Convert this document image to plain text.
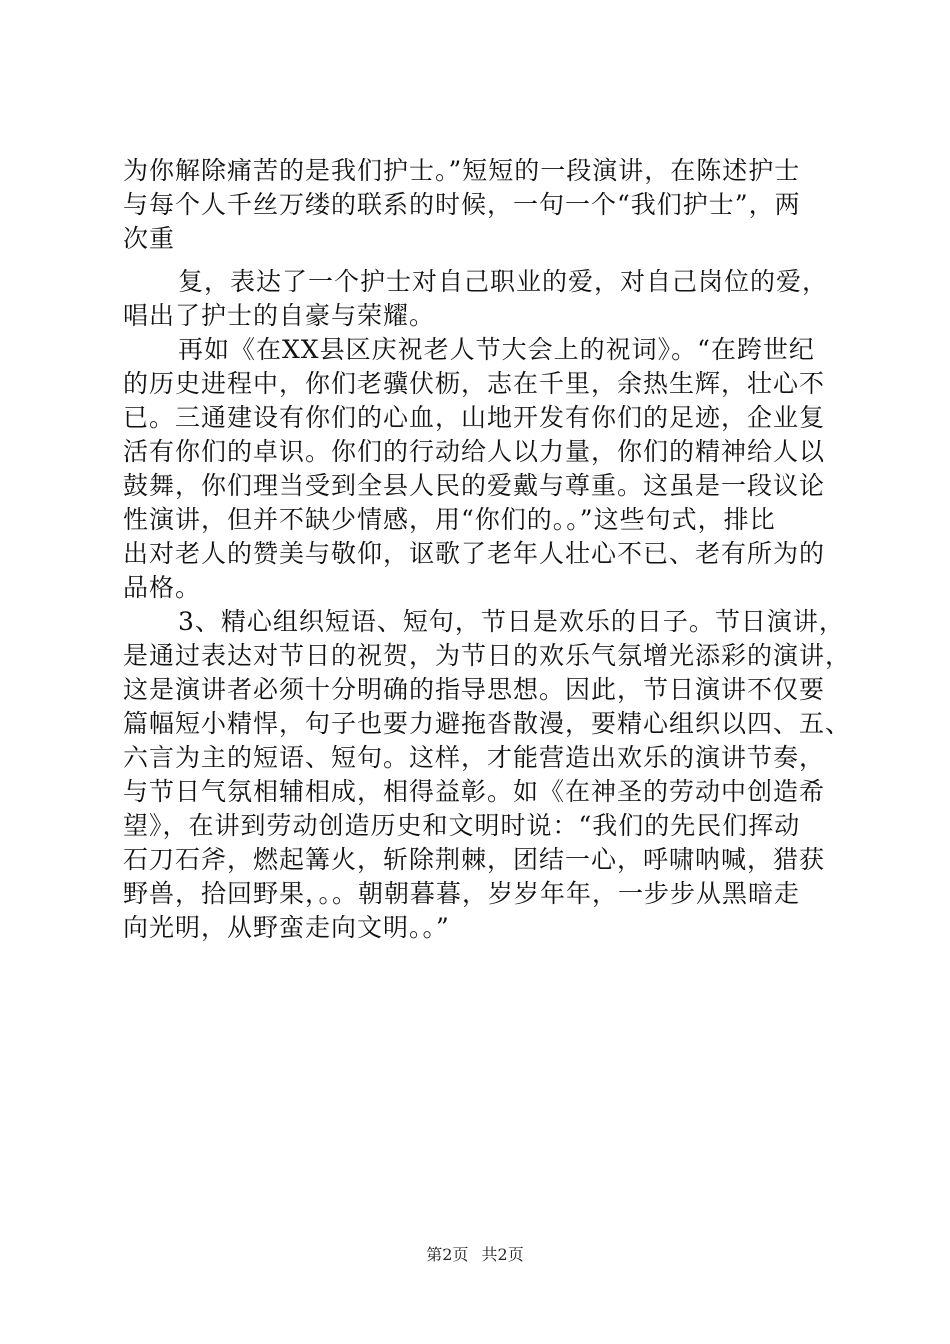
为你解除痛苦的是我们护士。”短短的一段演讲，在陈述护士
与每个人千丝万缕的联系的时候，一句一个“我们护士”，两
次重
复，表达了一个护士对自己职业的爱，对自己岗位的爱，
唱出了护士的自豪与荣耀。
再如《在XX县区庆祝老人节大会上的祝词》。“在跨世纪
的历史进程中，你们老骥伏枥，志在千里，余热生辉，壮心不
已。三通建设有你们的心血，山地开发有你们的足迹，企业复
活有你们的卓识。你们的行动给人以力量，你们的精神给人以
鼓舞，你们理当受到全县人民的爱戴与尊重。这虽是一段议论
性演讲，但并不缺少情感，用“你们的。。”这些句式，排比
出对老人的赞美与敬仰，讴歌了老年人壮心不已、老有所为的
品格。
3、精心组织短语、短句，节日是欢乐的日子。节日演讲，
是通过表达对节日的祝贺，为节日的欢乐气氛增光添彩的演讲，
这是演讲者必须十分明确的指导思想。因此，节日演讲不仅要
篇幅短小精悍，句子也要力避拖沓散漫，要精心组织以四、五、
六言为主的短语、短句。这样，才能营造出欢乐的演讲节奏，
与节日气氛相辅相成，相得益彰。如《在神圣的劳动中创造希
望》，在讲到劳动创造历史和文明时说：“我们的先民们挥动
石刀石斧，燃起篝火，斩除荆棘，团结一心，呼啸呐喊，猎获
野兽，拾回野果，。。朝朝暮暮，岁岁年年，一步步从黑暗走
向光明，从野蛮走向文明。。”
第2页 共2页
